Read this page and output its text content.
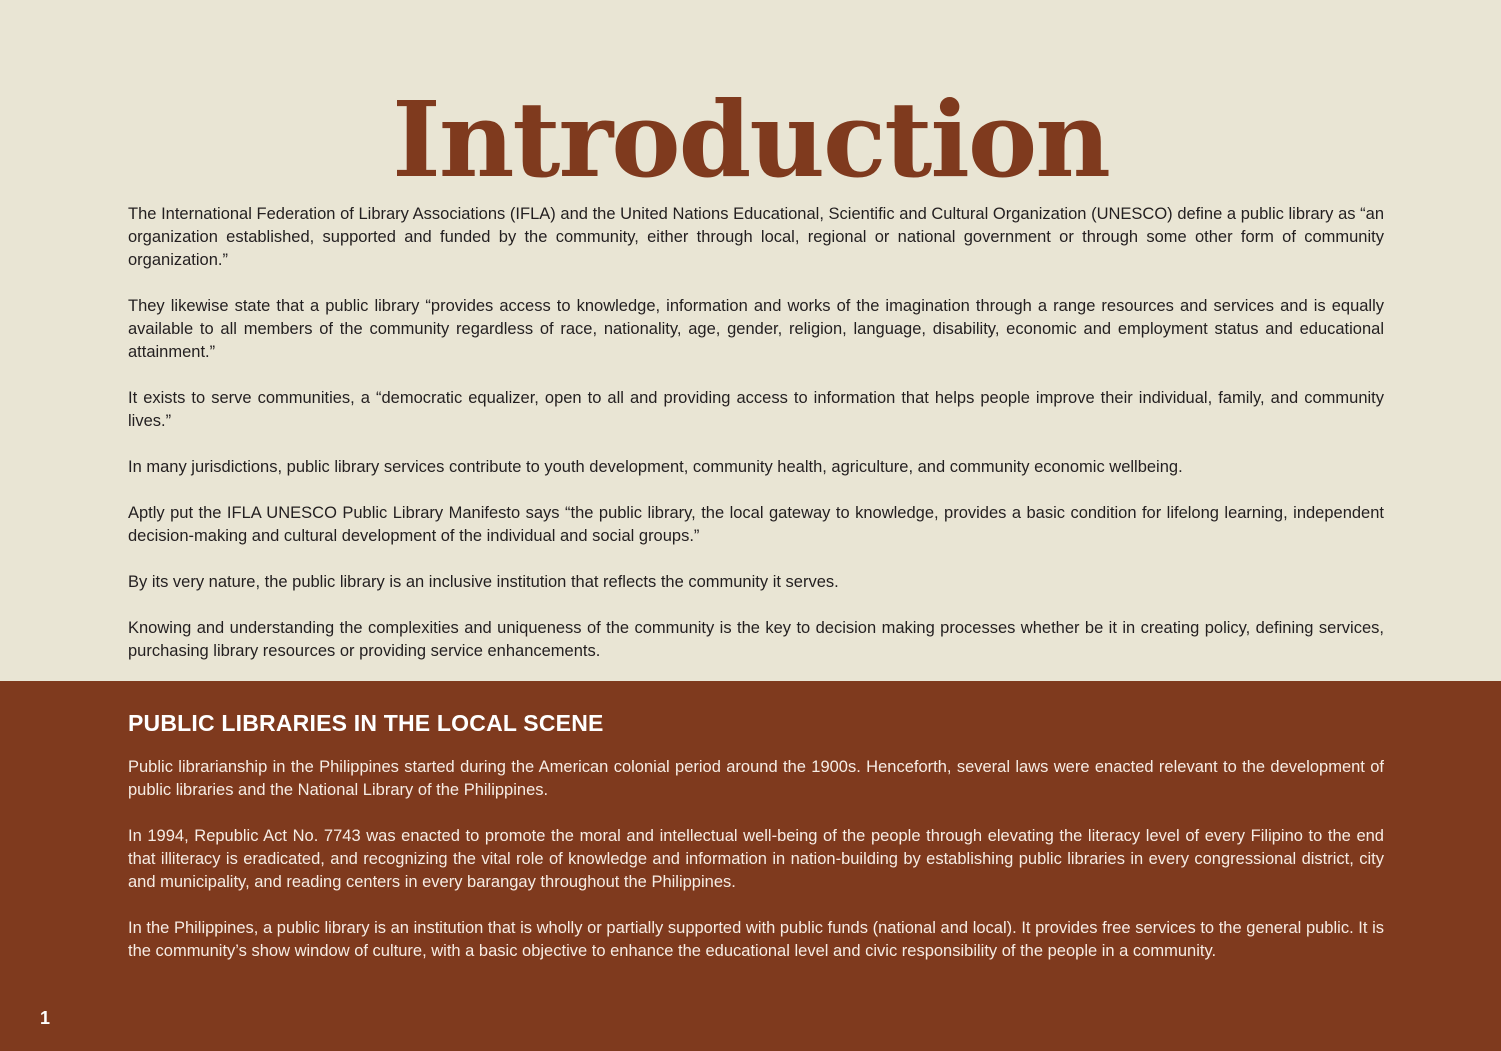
Introduction

The International Federation of Library Associations (IFLA) and the United Nations Educational, Scientific and Cultural Organization (UNESCO) define a public library as “an organization established, supported and funded by the community, either through local, regional or national government or through some other form of community organization.”

They likewise state that a public library “provides access to knowledge, information and works of the imagination through a range resources and services and is equally available to all members of the community regardless of race, nationality, age, gender, religion, language, disability, economic and employment status and educational attainment.”

It exists to serve communities, a “democratic equalizer, open to all and providing access to information that helps people improve their individual, family, and community lives.”

In many jurisdictions, public library services contribute to youth development, community health, agriculture, and community economic wellbeing.

Aptly put the IFLA UNESCO Public Library Manifesto says “the public library, the local gateway to knowledge, provides a basic condition for lifelong learning, independent decision-making and cultural development of the individual and social groups.”

By its very nature, the public library is an inclusive institution that reflects the community it serves.

Knowing and understanding the complexities and uniqueness of the community is the key to decision making processes whether be it in creating policy, defining services, purchasing library resources or providing service enhancements.

PUBLIC LIBRARIES IN THE LOCAL SCENE

Public librarianship in the Philippines started during the American colonial period around the 1900s. Henceforth, several laws were enacted relevant to the development of public libraries and the National Library of the Philippines.

In 1994, Republic Act No. 7743 was enacted to promote the moral and intellectual well-being of the people through elevating the literacy level of every Filipino to the end that illiteracy is eradicated, and recognizing the vital role of knowledge and information in nation-building by establishing public libraries in every congressional district, city and municipality, and reading centers in every barangay throughout the Philippines.

In the Philippines, a public library is an institution that is wholly or partially supported with public funds (national and local). It provides free services to the general public. It is the community’s show window of culture, with a basic objective to enhance the educational level and civic responsibility of the people in a community.

1
